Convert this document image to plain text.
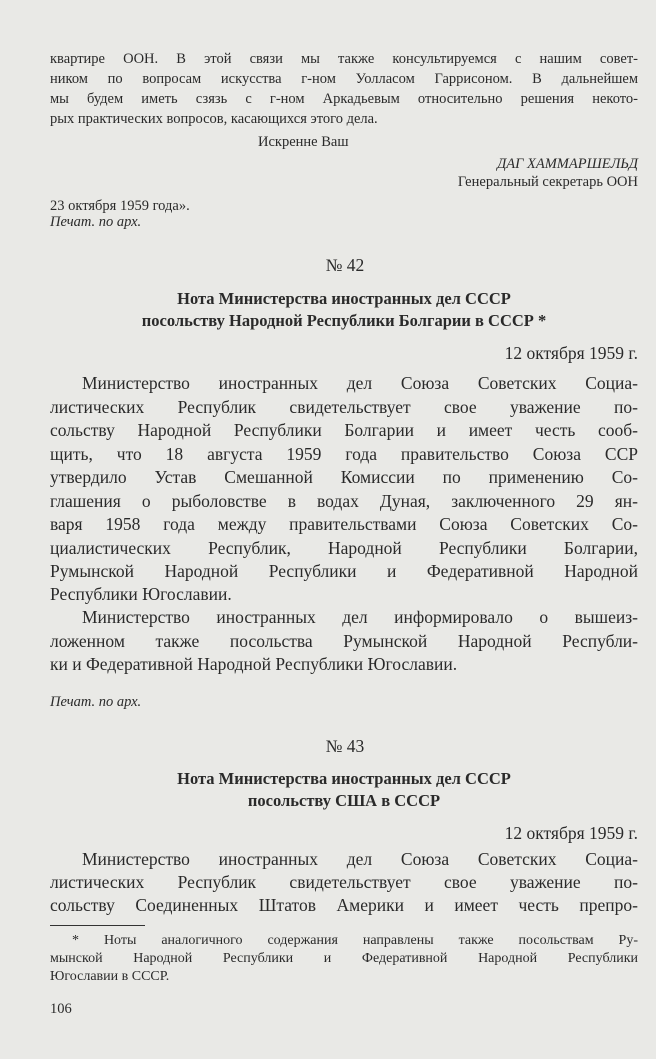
квартире ООН. В этой связи мы также консультируемся с нашим совет-
ником по вопросам искусства г-ном Уолласом Гаррисоном. В дальнейшем
мы будем иметь сзязь с г-ном Аркадьевым относительно решения некото-
рых практических вопросов, касающихся этого дела.
Искренне Ваш
ДАГ ХАММАРШЕЛЬД
Генеральный секретарь ООН
23 октября 1959 года».
Печат. по арх.
№ 42
Нота Министерства иностранных дел СССР
посольству Народной Республики Болгарии в СССР *
12 октября 1959 г.
Министерство иностранных дел Союза Советских Социа-
листических Республик свидетельствует свое уважение по-
сольству Народной Республики Болгарии и имеет честь сооб-
щить, что 18 августа 1959 года правительство Союза ССР
утвердило Устав Смешанной Комиссии по применению Со-
глашения о рыболовстве в водах Дуная, заключенного 29 ян-
варя 1958 года между правительствами Союза Советских Со-
циалистических Республик, Народной Республики Болгарии,
Румынской Народной Республики и Федеративной Народной
Республики Югославии.
Министерство иностранных дел информировало о вышеиз-
ложенном также посольства Румынской Народной Республи-
ки и Федеративной Народной Республики Югославии.
Печат. по арх.
№ 43
Нота Министерства иностранных дел СССР
посольству США в СССР
12 октября 1959 г.
Министерство иностранных дел Союза Советских Социа-
листических Республик свидетельствует свое уважение по-
сольству Соединенных Штатов Америки и имеет честь препро-
* Ноты аналогичного содержания направлены также посольствам Ру-
мынской Народной Республики и Федеративной Народной Республики
Югославии в СССР.
106
